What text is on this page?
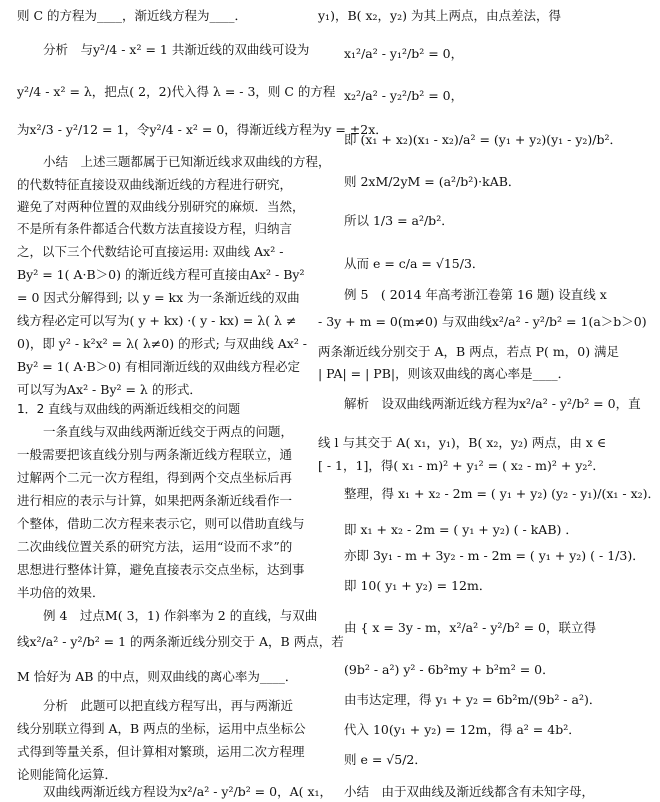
则 C 的方程为____，渐近线方程为____．
分析　与y²/4 - x² = 1 共渐近线的双曲线可设为
y²/4 - x² = λ，把点( 2，2)代入得 λ = - 3，则 C 的方程
为x²/3 - y²/12 = 1，令y²/4 - x² = 0，得渐近线方程为y = ±2x．
小结　上述三题都属于已知渐近线求双曲线的方程，
的代数特征直接设双曲线渐近线的方程进行研究，
避免了对两种位置的双曲线分别研究的麻烦．当然，
不是所有条件都适合代数方法直接设方程，归纳言
之，以下三个代数结论可直接运用: 双曲线 Ax² -
By² = 1( A·B＞0) 的渐近线方程可直接由Ax² - By²
= 0 因式分解得到; 以 y = kx 为一条渐近线的双曲
线方程必定可以写为( y + kx) ·( y - kx) = λ( λ ≠
0)，即 y² - k²x² = λ( λ≠0) 的形式; 与双曲线 Ax² -
By² = 1( A·B＞0) 有相同渐近线的双曲线方程必定
可以写为Ax² - By² = λ 的形式．
1．2 直线与双曲线的两渐近线相交的问题
一条直线与双曲线两渐近线交于两点的问题，
一般需要把该直线分别与两条渐近线方程联立，通
过解两个二元一次方程组，得到两个交点坐标后再
进行相应的表示与计算，如果把两条渐近线看作一
个整体，借助二次方程来表示它，则可以借助直线与
二次曲线位置关系的研究方法，运用“设而不求”的
思想进行整体计算，避免直接表示交点坐标，达到事
半功倍的效果．
例 4　过点M( 3，1) 作斜率为 2 的直线，与双曲
线x²/a² - y²/b² = 1 的两条渐近线分别交于 A，B 两点，若
M 恰好为 AB 的中点，则双曲线的离心率为____．
分析　此题可以把直线方程写出，再与两渐近
线分别联立得到 A，B 两点的坐标，运用中点坐标公
式得到等量关系，但计算相对繁琐，运用二次方程理
论则能简化运算．
双曲线两渐近线方程设为x²/a² - y²/b² = 0，A( x₁，
y₁)，B( x₂，y₂) 为其上两点，由点差法，得
x₁²/a² - y₁²/b² = 0，
x₂²/a² - y₂²/b² = 0，
即 (x₁ + x₂)(x₁ - x₂)/a² = (y₁ + y₂)(y₁ - y₂)/b²．
则 2xM/2yM = (a²/b²)·kAB．
所以 1/3 = a²/b²．
从而 e = c/a = √15/3．
例 5　( 2014 年高考浙江卷第 16 题) 设直线 x
- 3y + m = 0(m≠0) 与双曲线x²/a² - y²/b² = 1(a＞b＞0)
两条渐近线分别交于 A，B 两点，若点 P( m，0) 满足
| PA| = | PB|，则该双曲线的离心率是____．
解析　设双曲线两渐近线方程为x²/a² - y²/b² = 0，直
线 l 与其交于 A( x₁，y₁)，B( x₂，y₂) 两点，由 x ∈
[ - 1，1]，得( x₁ - m)² + y₁² = ( x₂ - m)² + y₂²．
整理，得 x₁ + x₂ - 2m = ( y₁ + y₂) (y₂ - y₁)/(x₁ - x₂)．
即 x₁ + x₂ - 2m = ( y₁ + y₂) ( - kAB) ．
亦即 3y₁ - m + 3y₂ - m - 2m = ( y₁ + y₂) ( - 1/3)．
即 10( y₁ + y₂) = 12m．
由 { x = 3y - m，x²/a² - y²/b² = 0，联立得
(9b² - a²) y² - 6b²my + b²m² = 0．
由韦达定理，得 y₁ + y₂ = 6b²m/(9b² - a²)．
代入 10(y₁ + y₂) = 12m，得 a² = 4b²．
则 e = √5/2．
小结　由于双曲线及渐近线都含有未知字母，
